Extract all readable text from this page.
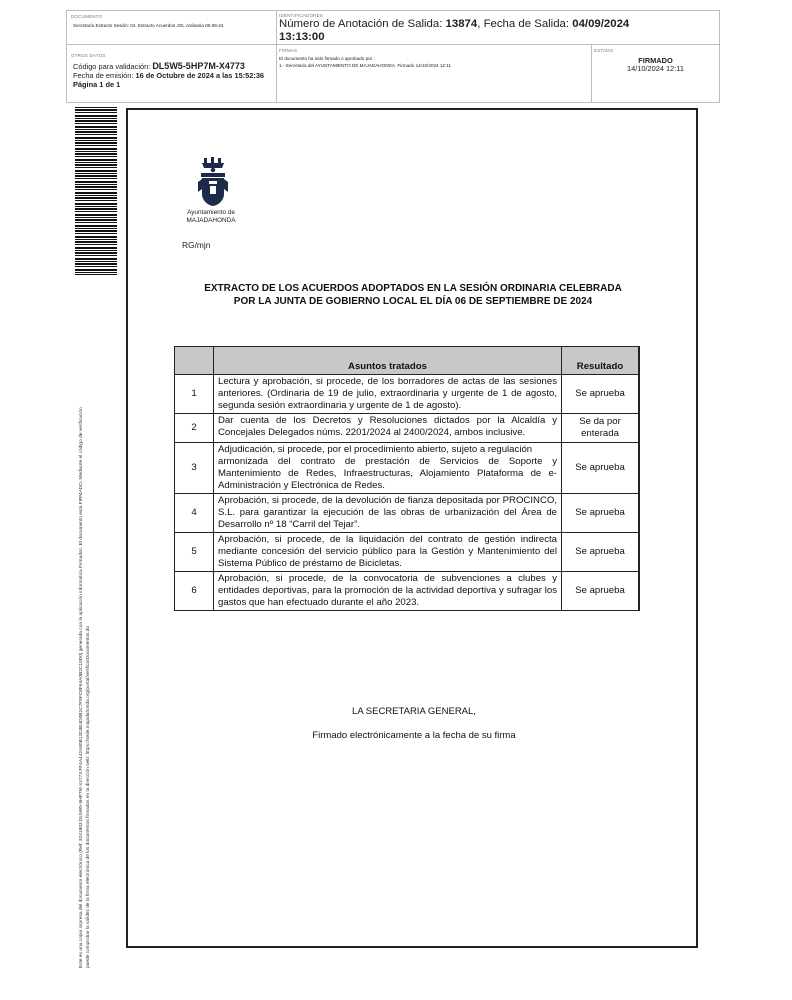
DOCUMENTO
Secretaría Extracto Sesión: 04. Extracto Acuerdos JGL ordinaria 06-09-24
IDENTIFICADORES
Número de Anotación de Salida: 13874, Fecha de Salida: 04/09/2024
13:13:00
OTROS DATOS
Código para validación: DL5W5-5HP7M-X4773
Fecha de emisión: 16 de Octubre de 2024 a las 15:52:36
Página 1 de 1
FIRMAS
El documento ha sido firmado o aprobado por :
1.- Secretaria del AYUNTAMIENTO DE MAJADAHONDA. Firmado 14/10/2024 12:11
ESTADO
FIRMADO
14/10/2024 12:11
Este es una copia impresa del documento electrónico (Ref: 3241803 DL5W5-5HP7M-X4773 FF4A442A80B12D3E4D0B1C7F9FC8F64A0B2C10D0) generada con la aplicación informática Firmadoc. El documento está FIRMADO. Mediante el código de verificación puede comprobar la validez de la firma electrónica de los documentos firmados en la dirección web: https://sede.majadahonda.org/portal/verificarDocumentos.do
Ayuntamiento de
MAJADAHONDA
RG/mjn
EXTRACTO DE LOS ACUERDOS ADOPTADOS EN LA SESIÓN ORDINARIA CELEBRADA
POR LA JUNTA DE GOBIERNO LOCAL EL DÍA 06 DE SEPTIEMBRE DE 2024
	Asuntos tratados	Resultado
1	Lectura y aprobación, si procede, de los borradores de actas de las sesiones anteriores. (Ordinaria de 19 de julio, extraordinaria y urgente de 1 de agosto, segunda sesión extraordinaria y urgente de 1 de agosto).	Se aprueba
2	Dar cuenta de los Decretos y Resoluciones dictados por la Alcaldía y Concejales Delegados núms. 2201/2024 al 2400/2024, ambos inclusive.	Se da por enterada
3	Adjudicación, si procede, por el procedimiento abierto, sujeto a regulación
armonizada del contrato de prestación de Servicios de Soporte y Mantenimiento de Redes, Infraestructuras, Alojamiento Plataforma de e-Administración y Electrónica de Redes.	Se aprueba
4	Aprobación, si procede, de la devolución de fianza depositada por PROCINCO, S.L. para garantizar la ejecución de las obras de urbanización del Área de Desarrollo nº 18 “Carril del Tejar”.	Se aprueba
5	Aprobación, si procede, de la liquidación del contrato de gestión indirecta mediante concesión del servicio público para la Gestión y Mantenimiento del Sistema Público de préstamo de Bicicletas.	Se aprueba
6	Aprobación, si procede, de la convocatoria de subvenciones a clubes y entidades deportivas, para la promoción de la actividad deportiva y sufragar los gastos que han efectuado durante el año 2023.	Se aprueba
LA SECRETARIA GENERAL,
Firmado electrónicamente a la fecha de su firma
